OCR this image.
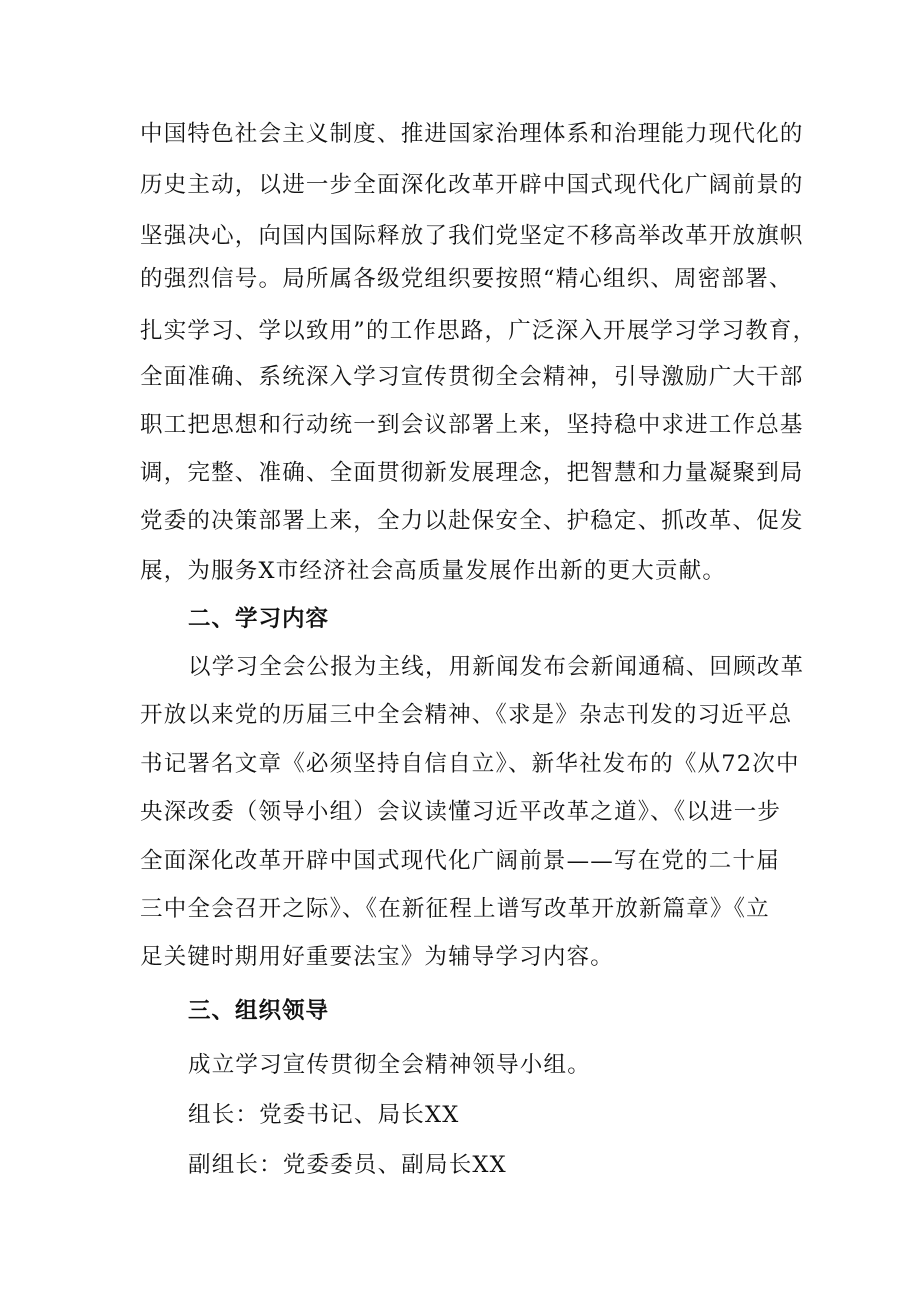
中国特色社会主义制度、推进国家治理体系和治理能力现代化的
历史主动，以进一步全面深化改革开辟中国式现代化广阔前景的
坚强决心，向国内国际释放了我们党坚定不移高举改革开放旗帜
的强烈信号。局所属各级党组织要按照“精心组织、周密部署、
扎实学习、学以致用”的工作思路，广泛深入开展学习学习教育，
全面准确、系统深入学习宣传贯彻全会精神，引导激励广大干部
职工把思想和行动统一到会议部署上来，坚持稳中求进工作总基
调，完整、准确、全面贯彻新发展理念，把智慧和力量凝聚到局
党委的决策部署上来，全力以赴保安全、护稳定、抓改革、促发
展，为服务X市经济社会高质量发展作出新的更大贡献。
二、学习内容
以学习全会公报为主线，用新闻发布会新闻通稿、回顾改革
开放以来党的历届三中全会精神、《求是》杂志刊发的习近平总
书记署名文章《必须坚持自信自立》、新华社发布的《从72次中
央深改委（领导小组）会议读懂习近平改革之道》、《以进一步
全面深化改革开辟中国式现代化广阔前景——写在党的二十届
三中全会召开之际》、《在新征程上谱写改革开放新篇章》《立
足关键时期用好重要法宝》为辅导学习内容。
三、组织领导
成立学习宣传贯彻全会精神领导小组。
组长：党委书记、局长XX
副组长：党委委员、副局长XX
